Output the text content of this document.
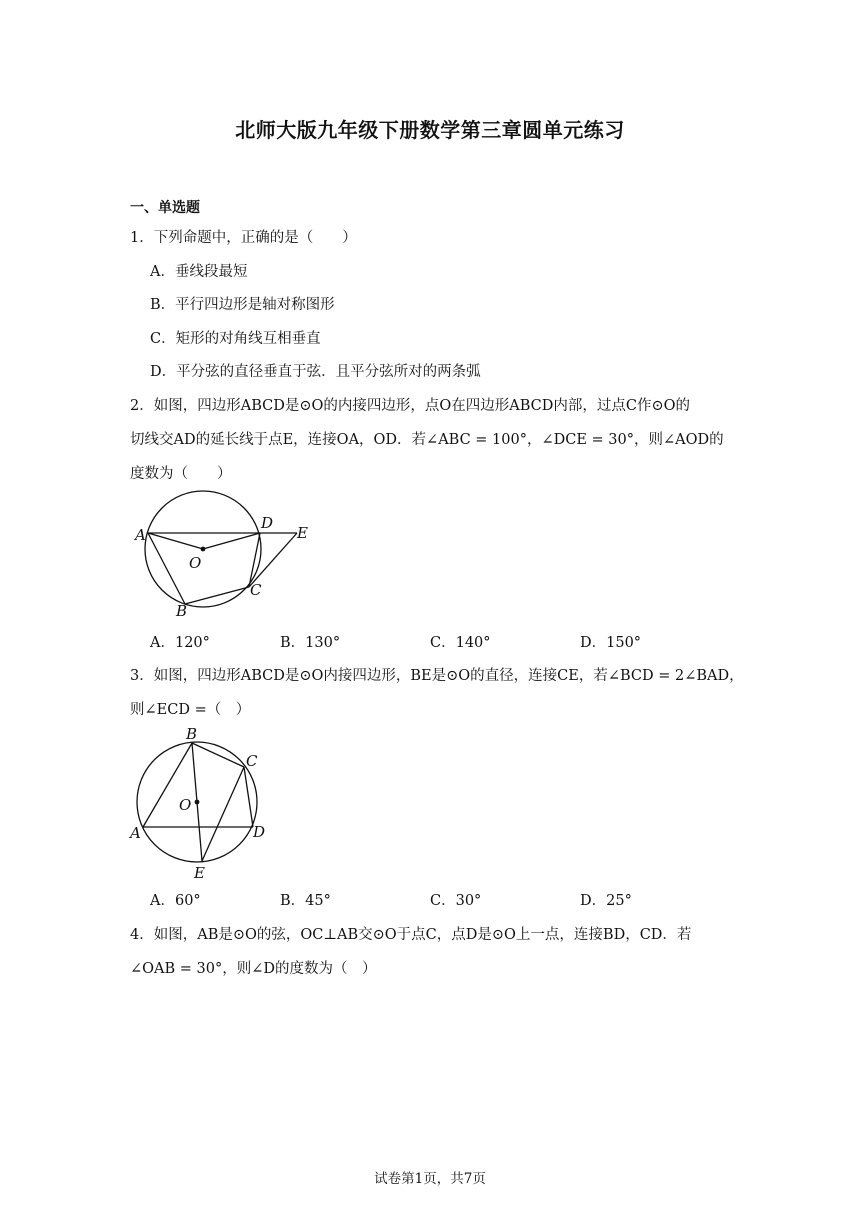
北师大版九年级下册数学第三章圆单元练习
一、单选题
1．下列命题中，正确的是（　　）
A．垂线段最短
B．平行四边形是轴对称图形
C．矩形的对角线互相垂直
D．平分弦的直径垂直于弦．且平分弦所对的两条弧
2．如图，四边形ABCD是⊙O的内接四边形，点O在四边形ABCD内部，过点C作⊙O的
切线交AD的延长线于点E，连接OA，OD．若∠ABC = 100°，∠DCE = 30°，则∠AOD的
度数为（　　）
A
D
E
O
C
B
A．120°	B．130°	C．140°	D．150°
3．如图，四边形ABCD是⊙O内接四边形，BE是⊙O的直径，连接CE，若∠BCD = 2∠BAD，
则∠ECD =（　）
B
C
O
A	D
E
A．60°	B．45°	C．30°	D．25°
4．如图，AB是⊙O的弦，OC⊥AB交⊙O于点C，点D是⊙O上一点，连接BD，CD．若
∠OAB = 30°，则∠D的度数为（　）
试卷第1页，共7页
